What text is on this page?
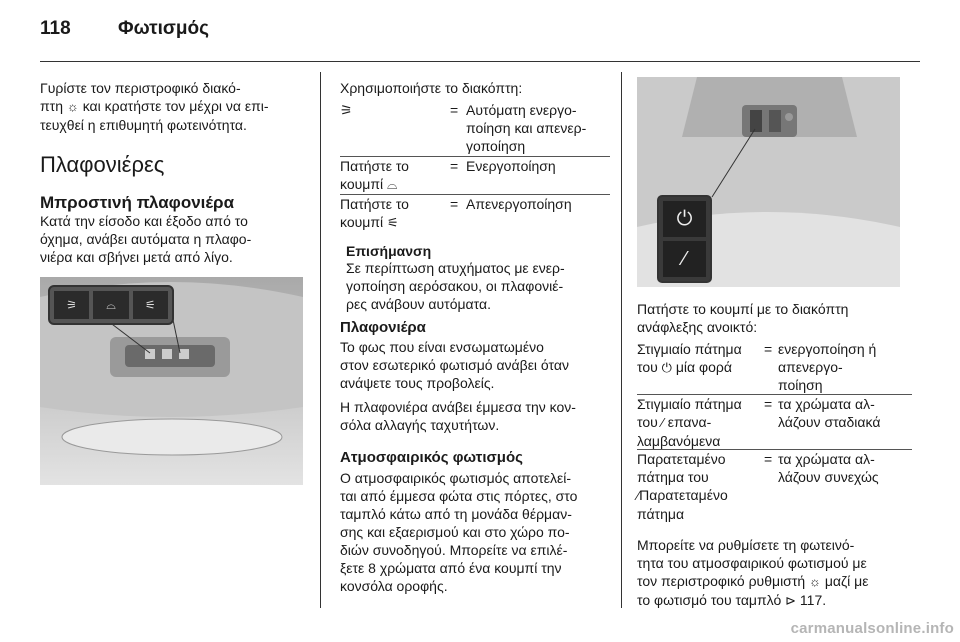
118 Φωτισμός
Γυρίστε τον περιστροφικό διακό-
πτη ☼ και κρατήστε τον μέχρι να επι-
τευχθεί η επιθυμητή φωτεινότητα.
Πλαφονιέρες
Μπροστινή πλαφονιέρα
Κατά την είσοδο και έξοδο από το
όχημα, ανάβει αυτόματα η πλαφο-
νιέρα και σβήνει μετά από λίγο.
⚞	⌓	⚟
Χρησιμοποιήστε το διακόπτη:
⚞	= Αυτόματη ενεργο-
ποίηση και απενερ-
γοποίηση
Πατήστε το
κουμπί ⌓
= Ενεργοποίηση
Πατήστε το
κουμπί ⚟
= Απενεργοποίηση
Επισήμανση
Σε περίπτωση ατυχήματος με ενερ-
γοποίηση αερόσακου, οι πλαφονιέ-
ρες ανάβουν αυτόματα.
Πλαφονιέρα
Το φως που είναι ενσωματωμένο
στον εσωτερικό φωτισμό ανάβει όταν
ανάψετε τους προβολείς.
Η πλαφονιέρα ανάβει έμμεσα την κον-
σόλα αλλαγής ταχυτήτων.
Ατμοσφαιρικός φωτισμός
Ο ατμοσφαιρικός φωτισμός αποτελεί-
ται από έμμεσα φώτα στις πόρτες, στο
ταμπλό κάτω από τη μονάδα θέρμαν-
σης και εξαερισμού και στο χώρο πο-
διών συνοδηγού. Μπορείτε να επιλέ-
ξετε 8 χρώματα από ένα κουμπί την
κονσόλα οροφής.
⏻
⁄
Πατήστε το κουμπί με το διακόπτη
ανάφλεξης ανοικτό:
Στιγμιαίο πάτημα
του ⏻ μία φορά
= ενεργοποίηση ή
απενεργο-
ποίηση
Στιγμιαίο πάτημα
του ⁄ επανα-
λαμβανόμενα
= τα χρώματα αλ-
λάζουν σταδιακά
Παρατεταμένο
πάτημα του
⁄Παρατεταμένο
πάτημα
= τα χρώματα αλ-
λάζουν συνεχώς
Μπορείτε να ρυθμίσετε τη φωτεινό-
τητα του ατμοσφαιρικού φωτισμού με
τον περιστροφικό ρυθμιστή ☼ μαζί με
το φωτισμό του ταμπλό ⊳ 117.
carmanualsonline.info
